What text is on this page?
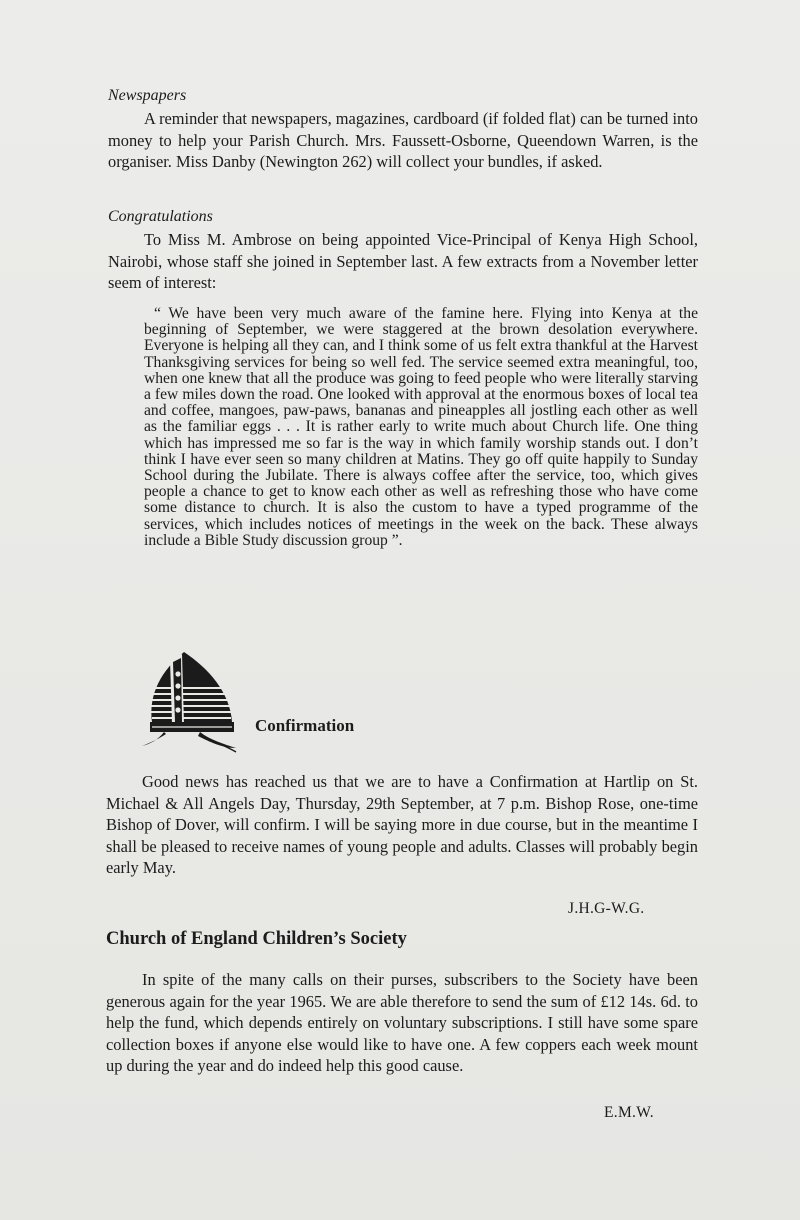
Newspapers

A reminder that newspapers, magazines, cardboard (if folded flat) can be turned into money to help your Parish Church. Mrs. Faussett-Osborne, Queendown Warren, is the organiser. Miss Danby (Newington 262) will collect your bundles, if asked.

Congratulations

To Miss M. Ambrose on being appointed Vice-Principal of Kenya High School, Nairobi, whose staff she joined in September last. A few extracts from a November letter seem of interest:

“ We have been very much aware of the famine here. Flying into Kenya at the beginning of September, we were staggered at the brown desolation everywhere. Everyone is helping all they can, and I think some of us felt extra thankful at the Harvest Thanksgiving services for being so well fed. The service seemed extra meaningful, too, when one knew that all the produce was going to feed people who were literally starving a few miles down the road. One looked with approval at the enormous boxes of local tea and coffee, mangoes, paw-paws, bananas and pineapples all jostling each other as well as the familiar eggs . . . It is rather early to write much about Church life. One thing which has impressed me so far is the way in which family worship stands out. I don’t think I have ever seen so many children at Matins. They go off quite happily to Sunday School during the Jubilate. There is always coffee after the service, too, which gives people a chance to get to know each other as well as refreshing those who have come some distance to church. It is also the custom to have a typed programme of the services, which includes notices of meetings in the week on the back. These always include a Bible Study discussion group ”.

Confirmation

Good news has reached us that we are to have a Confirmation at Hartlip on St. Michael & All Angels Day, Thursday, 29th September, at 7 p.m. Bishop Rose, one-time Bishop of Dover, will confirm. I will be saying more in due course, but in the meantime I shall be pleased to receive names of young people and adults. Classes will probably begin early May.

J.H.G-W.G.
Church of England Children’s Society

In spite of the many calls on their purses, subscribers to the Society have been generous again for the year 1965. We are able therefore to send the sum of £12 14s. 6d. to help the fund, which depends entirely on voluntary subscriptions. I still have some spare collection boxes if anyone else would like to have one. A few coppers each week mount up during the year and do indeed help this good cause.

E.M.W.
